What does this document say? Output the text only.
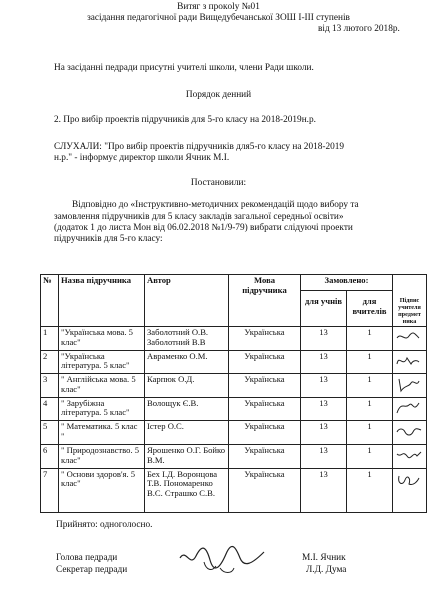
Витяг з прокolу №01
засідання педагогічної ради Вищедубечанської ЗОШ І-ІІІ ступенів
від 13 лютого 2018р.
На засіданні педради присутні учителі школи, члени Ради школи.
Порядок денний
2. Про вибір проектів підручників для 5-го класу на 2018-2019н.р.
СЛУХАЛИ: "Про вибір проектів підручників для5-го класу на 2018-2019
н.р." - інформує директор школи Ячник М.І.
Постановили:
Відповідно до «Інструктивно-методичних рекомендацій щодо вибору та
замовлення підручників для 5 класу закладів загальної середньої освіти»
(додаток 1 до листа Мон від 06.02.2018 №1/9-79) вибрати слідуючі проекти
підручників для 5-го класу:
№	Назва підручника	Автор	Мова підручника	Замовлено:		Підпис учителя предмет ника
				для учнів	для вчителів	
1	"Українська мова. 5 клас"	Заболотний О.В. Заболотний В.В	Українська	13	1	
2	"Українська література. 5 клас"	Авраменко О.М.	Українська	13	1	
3	" Англійська мова. 5 клас"	Карпюк О.Д.	Українська	13	1	
4	" Зарубіжна література. 5 клас"	Волощук Є.В.	Українська	13	1	
5	" Математика. 5 клас "	Істер О.С.	Українська	13	1	
6	" Природознавство. 5 клас"	Ярошенко О.Г. Бойко В.М.	Українська	13	1	
7	" Основи здоров'я. 5 клас"	Бех І.Д. Воронцова Т.В. Пономаренко В.С. Страшко С.В.	Українська	13	1	
Прийнято: одноголосно.
Голова педради	М.І. Ячник
Секретар педради	Л.Д. Дума
